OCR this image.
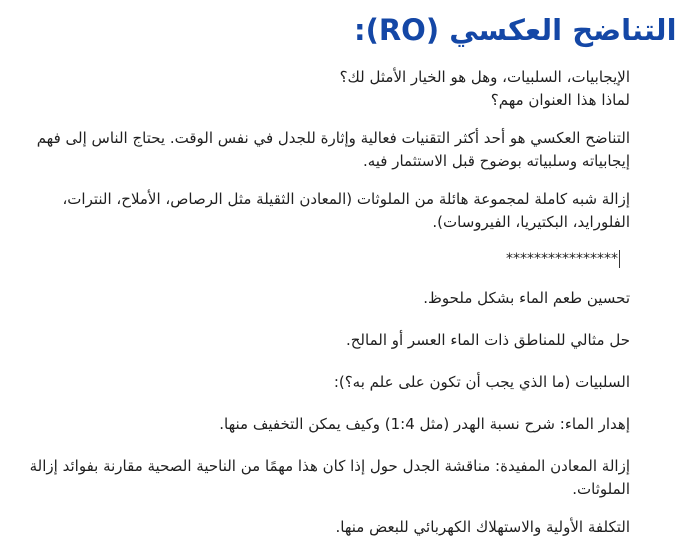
:(RO) التناضح العكسي
الإيجابيات، السلبيات، وهل هو الخيار الأمثل لك؟
لماذا هذا العنوان مهم؟
التناضح العكسي هو أحد أكثر التقنيات فعالية وإثارة للجدل في نفس الوقت. يحتاج الناس إلى فهم إيجابياته وسلبياته بوضوح قبل الاستثمار فيه.
إزالة شبه كاملة لمجموعة هائلة من الملوثات (المعادن الثقيلة مثل الرصاص، الأملاح، النترات، الفلورايد، البكتيريا، الفيروسات).
****************
تحسين طعم الماء بشكل ملحوظ.
حل مثالي للمناطق ذات الماء العسر أو المالح.
السلبيات (ما الذي يجب أن تكون على علم به؟):
إهدار الماء: شرح نسبة الهدر (مثل 1:4) وكيف يمكن التخفيف منها.
إزالة المعادن المفيدة: مناقشة الجدل حول إذا كان هذا مهمًا من الناحية الصحية مقارنة بفوائد إزالة الملوثات.
التكلفة الأولية والاستهلاك الكهربائي للبعض منها.
